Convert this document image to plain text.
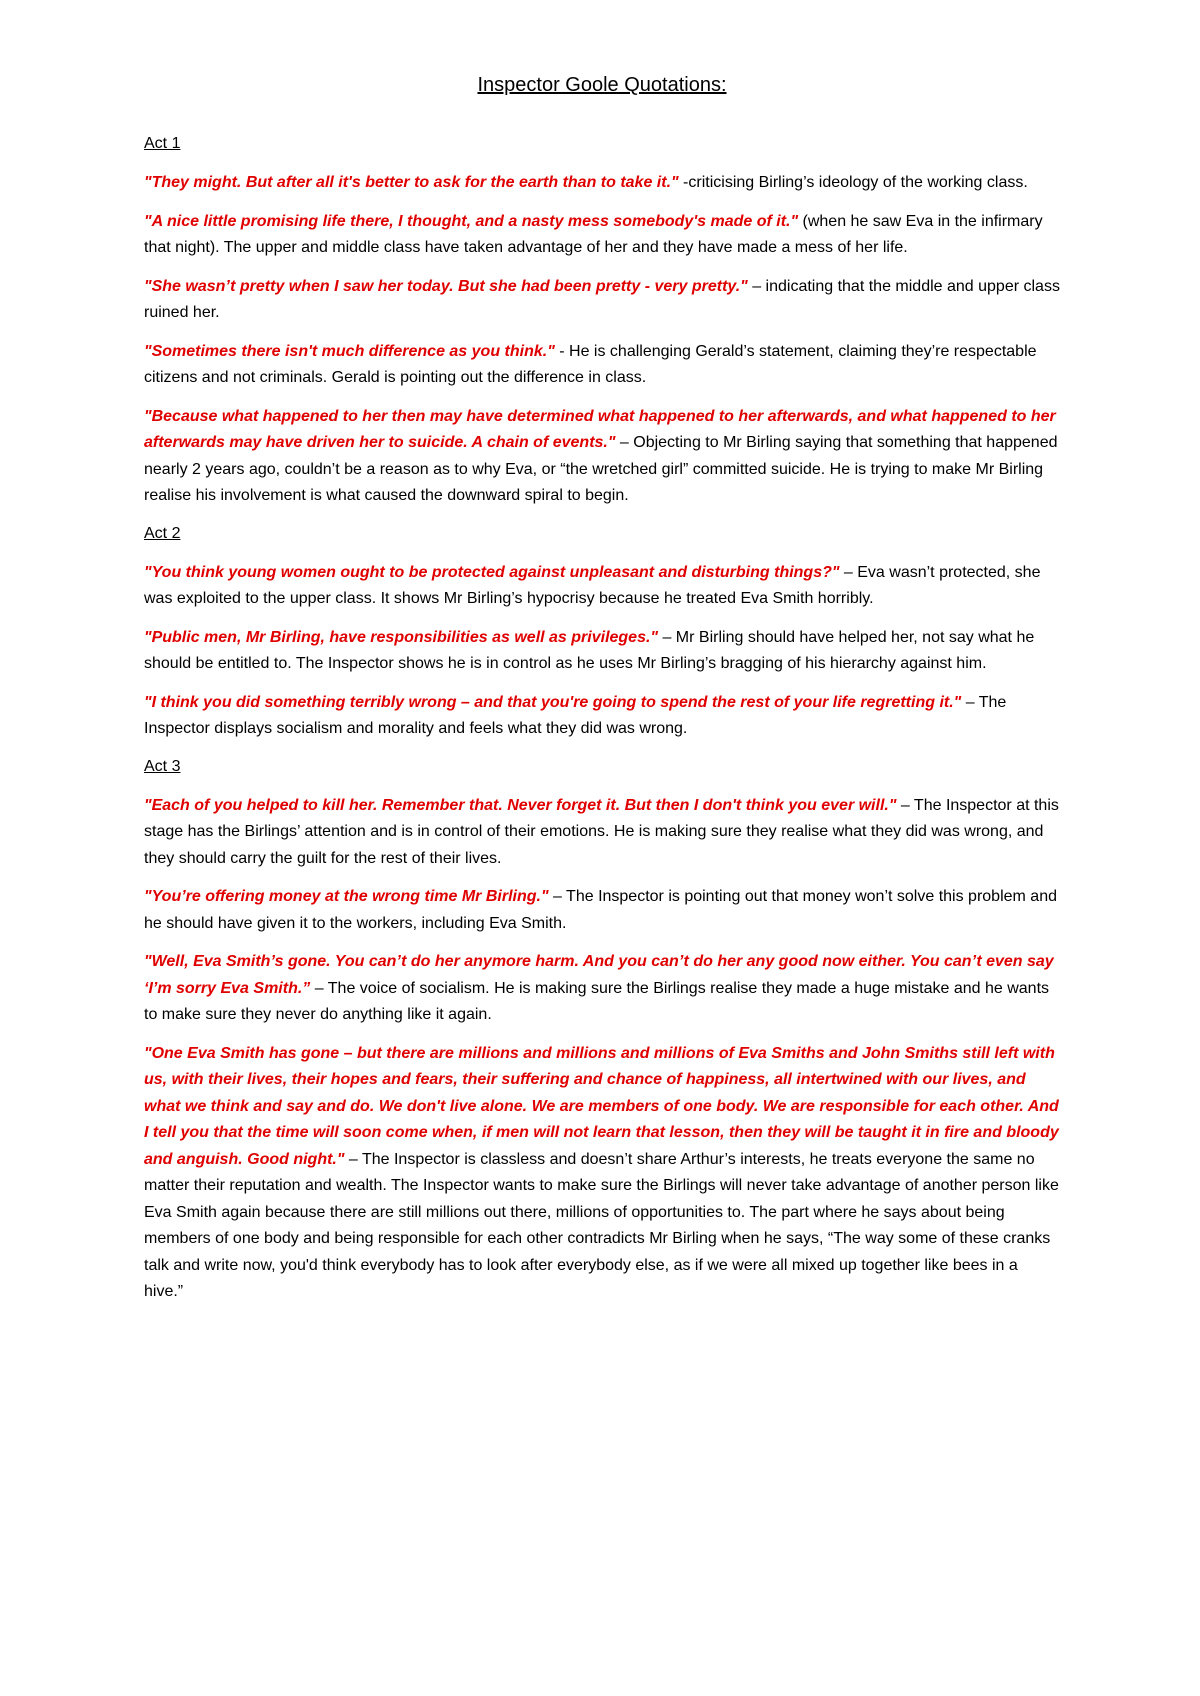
Inspector Goole Quotations:
Act 1

"They might. But after all it's better to ask for the earth than to take it." -criticising Birling’s ideology of the working class.

"A nice little promising life there, I thought, and a nasty mess somebody's made of it." (when he saw Eva in the infirmary that night). The upper and middle class have taken advantage of her and they have made a mess of her life.

"She wasn’t pretty when I saw her today. But she had been pretty - very pretty." – indicating that the middle and upper class ruined her.

"Sometimes there isn't much difference as you think." - He is challenging Gerald’s statement, claiming they’re respectable citizens and not criminals. Gerald is pointing out the difference in class.

"Because what happened to her then may have determined what happened to her afterwards, and what happened to her afterwards may have driven her to suicide. A chain of events." – Objecting to Mr Birling saying that something that happened nearly 2 years ago, couldn’t be a reason as to why Eva, or “the wretched girl” committed suicide. He is trying to make Mr Birling realise his involvement is what caused the downward spiral to begin.

Act 2

"You think young women ought to be protected against unpleasant and disturbing things?" – Eva wasn’t protected, she was exploited to the upper class. It shows Mr Birling’s hypocrisy because he treated Eva Smith horribly.

"Public men, Mr Birling, have responsibilities as well as privileges." – Mr Birling should have helped her, not say what he should be entitled to. The Inspector shows he is in control as he uses Mr Birling’s bragging of his hierarchy against him.

"I think you did something terribly wrong – and that you're going to spend the rest of your life regretting it." – The Inspector displays socialism and morality and feels what they did was wrong.

Act 3

"Each of you helped to kill her. Remember that. Never forget it. But then I don't think you ever will." – The Inspector at this stage has the Birlings’ attention and is in control of their emotions. He is making sure they realise what they did was wrong, and they should carry the guilt for the rest of their lives.

"You’re offering money at the wrong time Mr Birling." – The Inspector is pointing out that money won’t solve this problem and he should have given it to the workers, including Eva Smith.

"Well, Eva Smith’s gone. You can’t do her anymore harm. And you can’t do her any good now either. You can’t even say ‘I’m sorry Eva Smith.” – The voice of socialism. He is making sure the Birlings realise they made a huge mistake and he wants to make sure they never do anything like it again.

"One Eva Smith has gone – but there are millions and millions and millions of Eva Smiths and John Smiths still left with us, with their lives, their hopes and fears, their suffering and chance of happiness, all intertwined with our lives, and what we think and say and do. We don't live alone. We are members of one body. We are responsible for each other. And I tell you that the time will soon come when, if men will not learn that lesson, then they will be taught it in fire and bloody and anguish. Good night." – The Inspector is classless and doesn’t share Arthur’s interests, he treats everyone the same no matter their reputation and wealth. The Inspector wants to make sure the Birlings will never take advantage of another person like Eva Smith again because there are still millions out there, millions of opportunities to. The part where he says about being members of one body and being responsible for each other contradicts Mr Birling when he says, “The way some of these cranks talk and write now, you'd think everybody has to look after everybody else, as if we were all mixed up together like bees in a hive.”
